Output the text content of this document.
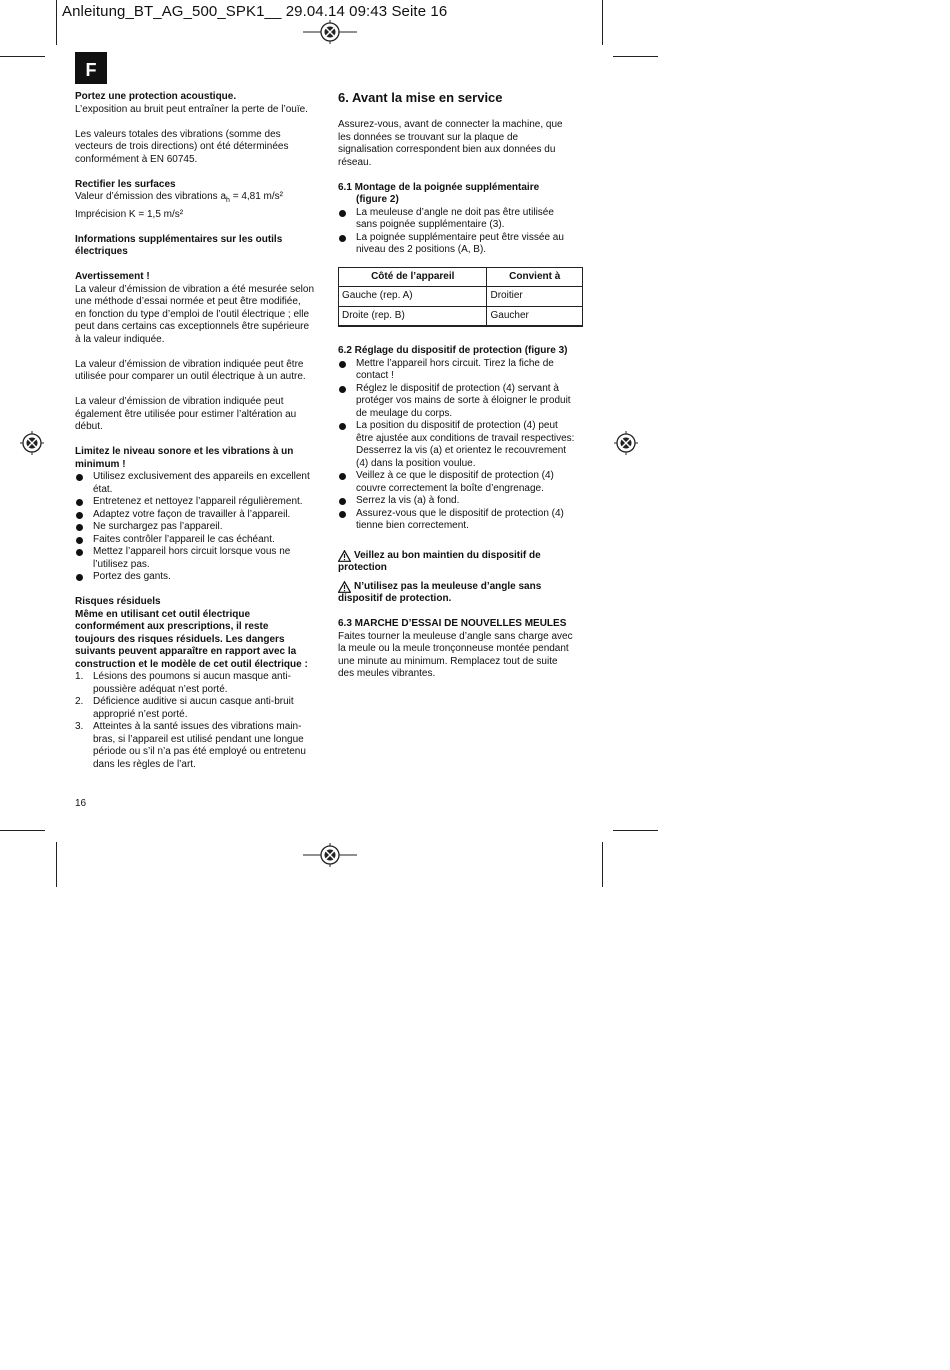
Anleitung_BT_AG_500_SPK1__ 29.04.14 09:43 Seite 16
F

Portez une protection acoustique.

L’exposition au bruit peut entraîner la perte de l’ouïe.

Les valeurs totales des vibrations (somme des

vecteurs de trois directions) ont été déterminées

conformément à EN 60745.

Rectifier les surfaces

Valeur d’émission des vibrations $a_h = 4,81$ m/s²

Imprécision K = 1,5 m/s²

Informations supplémentaires sur les outils

électriques

Avertissement !

La valeur d’émission de vibration a été mesurée selon

une méthode d’essai normée et peut être modifiée,

en fonction du type d’emploi de l’outil électrique ; elle

peut dans certains cas exceptionnels être supérieure

à la valeur indiquée.

La valeur d’émission de vibration indiquée peut être

utilisée pour comparer un outil électrique à un autre.

La valeur d’émission de vibration indiquée peut

également être utilisée pour estimer l’altération au

début.

Limitez le niveau sonore et les vibrations à un

minimum !

Utilisez exclusivement des appareils en excellent

état.

Entretenez et nettoyez l’appareil régulièrement.

Adaptez votre façon de travailler à l’appareil.

Ne surchargez pas l’appareil.

Faites contrôler l’appareil le cas échéant.

Mettez l’appareil hors circuit lorsque vous ne

l’utilisez pas.

Portez des gants.

Risques résiduels

Même en utilisant cet outil électrique

conformément aux prescriptions, il reste

toujours des risques résiduels. Les dangers

suivants peuvent apparaître en rapport avec la

construction et le modèle de cet outil électrique :

1. Lésions des poumons si aucun masque anti-

poussière adéquat n’est porté.

2. Déficience auditive si aucun casque anti-bruit

approprié n’est porté.

3. Atteintes à la santé issues des vibrations main-

bras, si l’appareil est utilisé pendant une longue

période ou s’il n’a pas été employé ou entretenu

dans les règles de l’art.

16

6. Avant la mise en service

Assurez-vous, avant de connecter la machine, que

les données se trouvant sur la plaque de

signalisation correspondent bien aux données du

réseau.

6.1 Montage de la poignée supplémentaire

(figure 2)

La meuleuse d’angle ne doit pas être utilisée

sans poignée supplémentaire (3).

La poignée supplémentaire peut être vissée au

niveau des 2 positions (A, B).

Côté de l’appareil	Convient à
Gauche (rep. A)	Droitier
Droite (rep. B)	Gaucher

6.2 Réglage du dispositif de protection (figure 3)

Mettre l’appareil hors circuit. Tirez la fiche de

contact !

Réglez le dispositif de protection (4) servant à

protéger vos mains de sorte à éloigner le produit

de meulage du corps.

La position du dispositif de protection (4) peut

être ajustée aux conditions de travail respectives:

Desserrez la vis (a) et orientez le recouvrement

(4) dans la position voulue.

Veillez à ce que le dispositif de protection (4)

couvre correctement la boîte d’engrenage.

Serrez la vis (a) à fond.

Assurez-vous que le dispositif de protection (4)

tienne bien correctement.

Veillez au bon maintien du dispositif de

protection

N’utilisez pas la meuleuse d’angle sans

dispositif de protection.

6.3 MARCHE D’ESSAI DE NOUVELLES MEULES

Faites tourner la meuleuse d’angle sans charge avec

la meule ou la meule tronçonneuse montée pendant

une minute au minimum. Remplacez tout de suite

des meules vibrantes.
